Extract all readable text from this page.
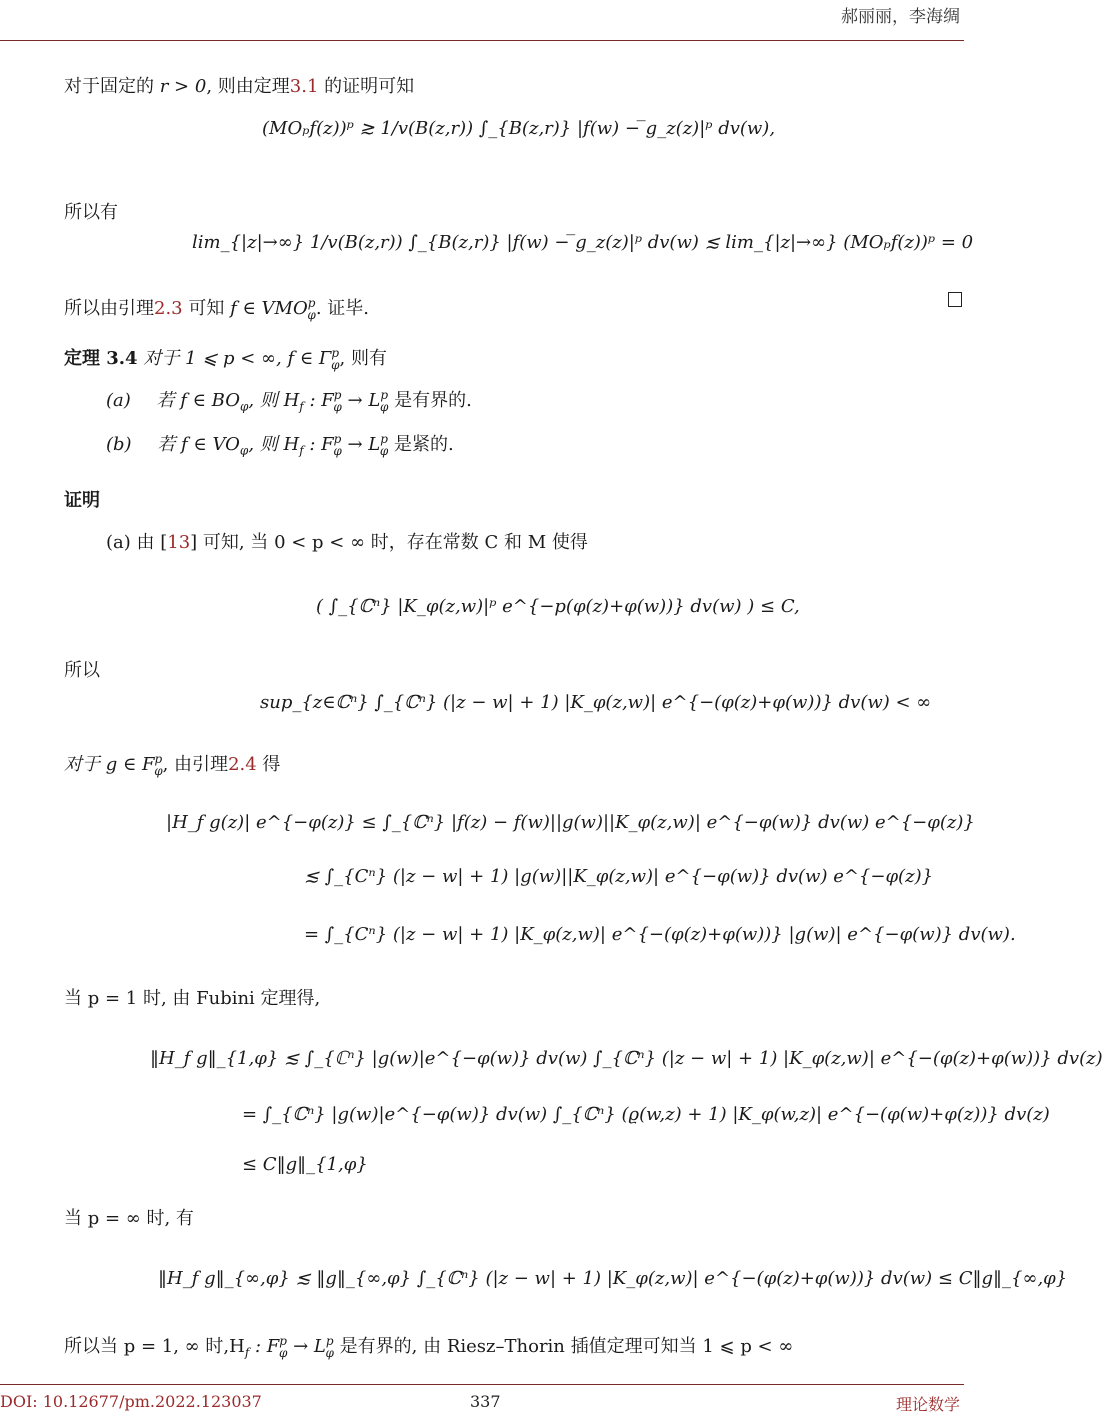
郝丽丽，李海绸
对于固定的 r > 0, 则由定理3.1 的证明可知
(MOₚf(z))ᵖ ≳ 1/v(B(z,r)) ∫_{B(z,r)} |f(w) − ̅g_z(z)|ᵖ dv(w),
所以有
lim_{|z|→∞} 1/v(B(z,r)) ∫_{B(z,r)} |f(w) − ̅g_z(z)|ᵖ dv(w) ≲ lim_{|z|→∞} (MOₚf(z))ᵖ = 0
所以由引理2.3 可知 f ∈ $VMO^p_\varphi$. 证毕.
定理 3.4 对于 1 ⩽ p < ∞, f ∈ $\Gamma^p_\varphi$, 则有
(a) 若 f ∈ $BO_\varphi$, 则 $H_f$ : $F^p_\varphi \to L^p_\varphi$ 是有界的.
(b) 若 f ∈ $VO_\varphi$, 则 $H_f$ : $F^p_\varphi \to L^p_\varphi$ 是紧的.
证明
(a) 由 [13] 可知, 当 0 < p < ∞ 时，存在常数 C 和 M 使得
( ∫_{ℂⁿ} |K_φ(z,w)|ᵖ e^{−p(φ(z)+φ(w))} dv(w) ) ≤ C,
所以
sup_{z∈ℂⁿ} ∫_{ℂⁿ} (|z − w| + 1) |K_φ(z,w)| e^{−(φ(z)+φ(w))} dv(w) < ∞
对于 g ∈ $F^p_\varphi$, 由引理2.4 得
|H_f g(z)| e^{−φ(z)} ≤ ∫_{ℂⁿ} |f(z) − f(w)||g(w)||K_φ(z,w)| e^{−φ(w)} dv(w) e^{−φ(z)}
≲ ∫_{Cⁿ} (|z − w| + 1) |g(w)||K_φ(z,w)| e^{−φ(w)} dv(w) e^{−φ(z)}
= ∫_{Cⁿ} (|z − w| + 1) |K_φ(z,w)| e^{−(φ(z)+φ(w))} |g(w)| e^{−φ(w)} dv(w).
当 p = 1 时, 由 Fubini 定理得,
‖H_f g‖_{1,φ} ≲ ∫_{ℂⁿ} |g(w)|e^{−φ(w)} dv(w) ∫_{ℂⁿ} (|z − w| + 1) |K_φ(z,w)| e^{−(φ(z)+φ(w))} dv(z)
= ∫_{ℂⁿ} |g(w)|e^{−φ(w)} dv(w) ∫_{ℂⁿ} (ϱ(w,z) + 1) |K_φ(w,z)| e^{−(φ(w)+φ(z))} dv(z)
≤ C‖g‖_{1,φ}
当 p = ∞ 时, 有
‖H_f g‖_{∞,φ} ≲ ‖g‖_{∞,φ} ∫_{ℂⁿ} (|z − w| + 1) |K_φ(z,w)| e^{−(φ(z)+φ(w))} dv(w) ≤ C‖g‖_{∞,φ}
所以当 p = 1, ∞ 时$,H_f$ : $F^p_\varphi \to L^p_\varphi$ 是有界的, 由 Riesz–Thorin 插值定理可知当 1 ⩽ p < ∞
DOI: 10.12677/pm.2022.123037	337	理论数学
